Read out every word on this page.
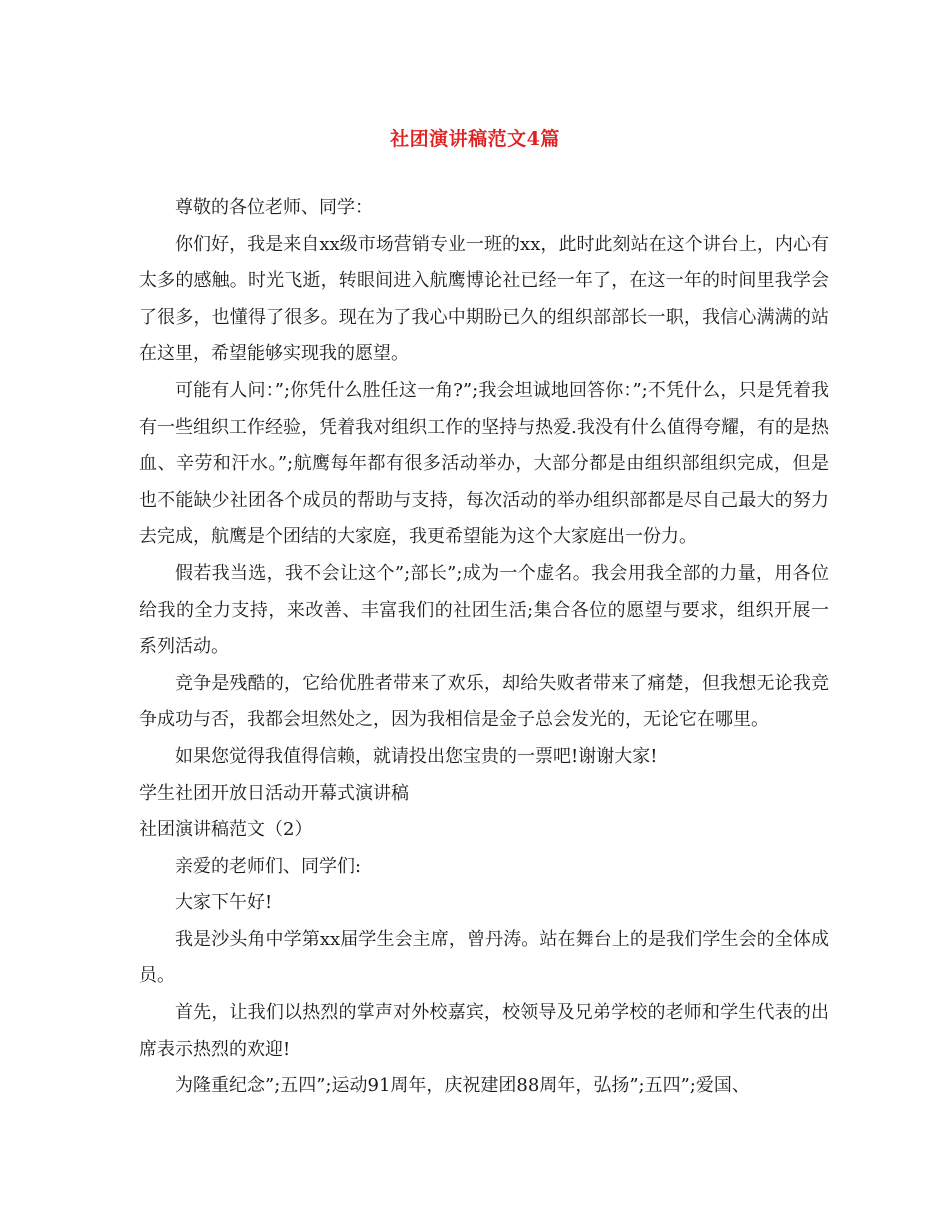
社团演讲稿范文4篇

尊敬的各位老师、同学：

你们好，我是来自xx级市场营销专业一班的xx，此时此刻站在这个讲台上，内心有太多的感触。时光飞逝，转眼间进入航鹰博论社已经一年了，在这一年的时间里我学会了很多，也懂得了很多。现在为了我心中期盼已久的组织部部长一职，我信心满满的站在这里，希望能够实现我的愿望。

可能有人问：”;你凭什么胜任这一角?”;我会坦诚地回答你：”;不凭什么，只是凭着我有一些组织工作经验，凭着我对组织工作的坚持与热爱.我没有什么值得夸耀，有的是热血、辛劳和汗水。”;航鹰每年都有很多活动举办，大部分都是由组织部组织完成，但是也不能缺少社团各个成员的帮助与支持，每次活动的举办组织部都是尽自己最大的努力去完成，航鹰是个团结的大家庭，我更希望能为这个大家庭出一份力。

假若我当选，我不会让这个”;部长”;成为一个虚名。我会用我全部的力量，用各位给我的全力支持，来改善、丰富我们的社团生活;集合各位的愿望与要求，组织开展一系列活动。

竞争是残酷的，它给优胜者带来了欢乐，却给失败者带来了痛楚，但我想无论我竞争成功与否，我都会坦然处之，因为我相信是金子总会发光的，无论它在哪里。

如果您觉得我值得信赖，就请投出您宝贵的一票吧!谢谢大家!

学生社团开放日活动开幕式演讲稿

社团演讲稿范文（2）

亲爱的老师们、同学们:

大家下午好!

我是沙头角中学第xx届学生会主席，曾丹涛。站在舞台上的是我们学生会的全体成员。

首先，让我们以热烈的掌声对外校嘉宾，校领导及兄弟学校的老师和学生代表的出席表示热烈的欢迎!

为隆重纪念”;五四”;运动91周年，庆祝建团88周年，弘扬”;五四”;爱国、
